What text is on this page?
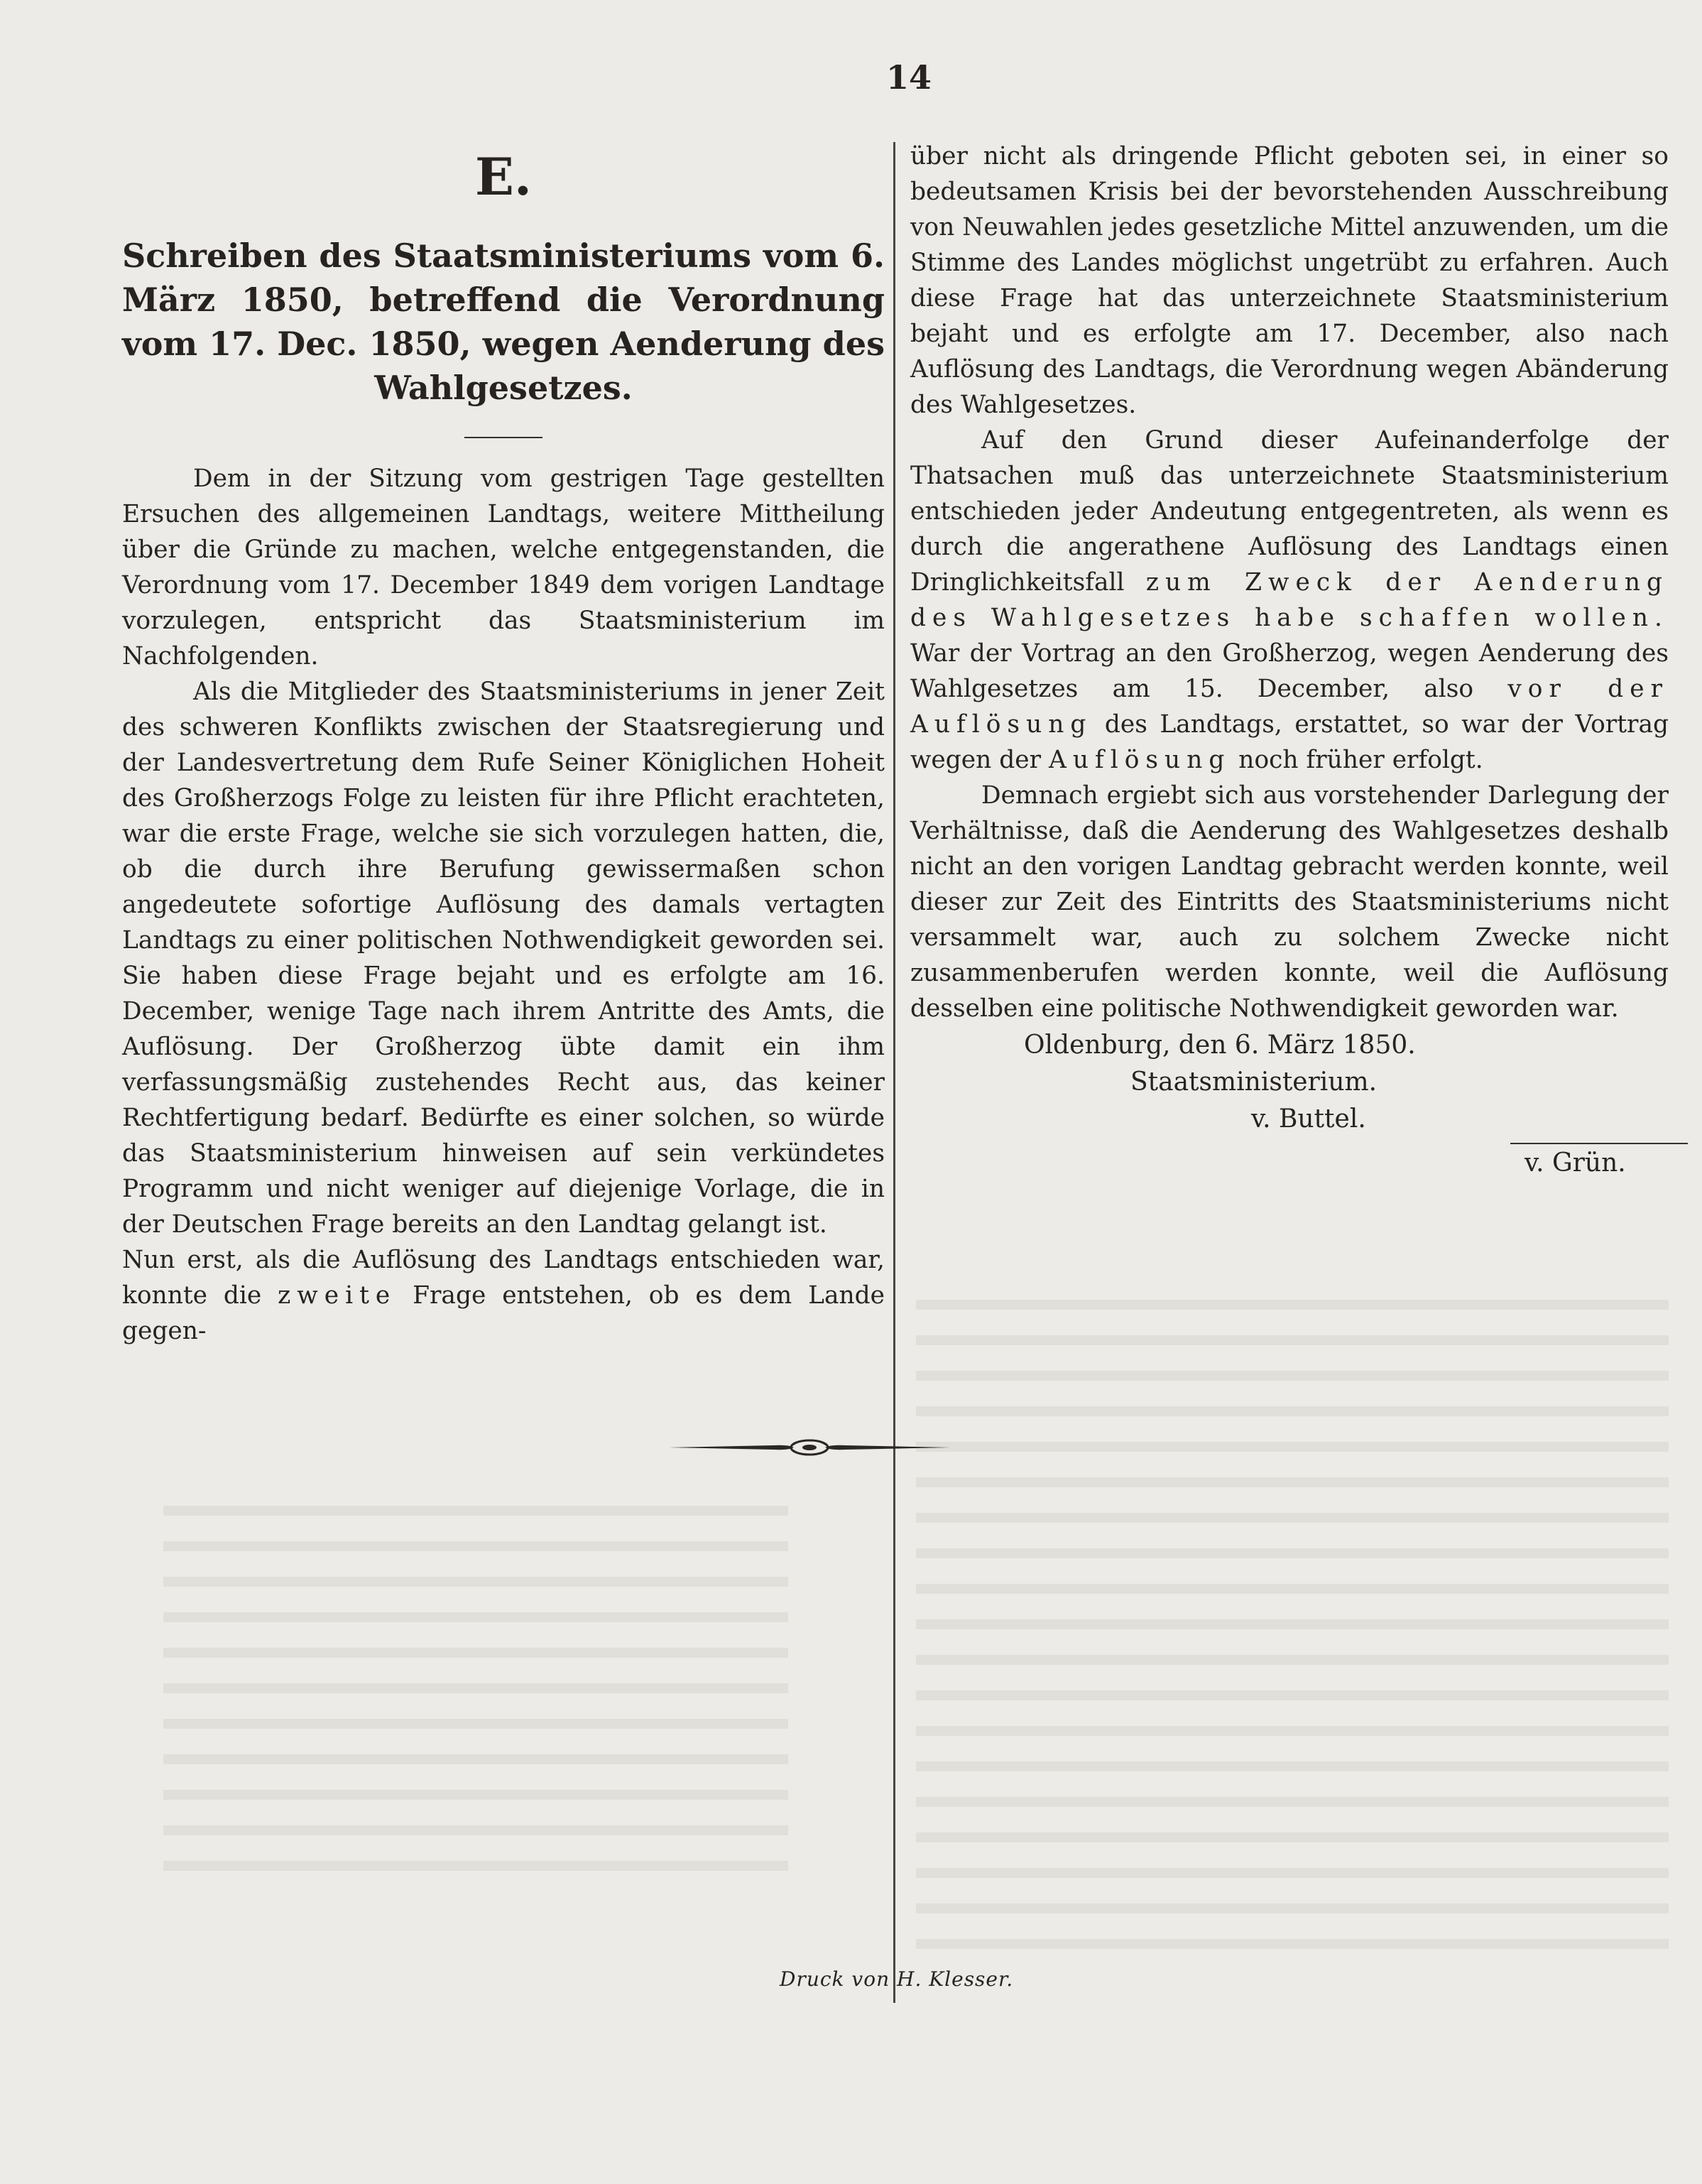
14
E.

Schreiben des Staatsministeriums vom 6. März 1850, betreffend die Verordnung vom 17. Dec. 1850, wegen Aenderung des Wahlgesetzes.

Dem in der Sitzung vom gestrigen Tage gestellten Ersuchen des allgemeinen Landtags, weitere Mittheilung über die Gründe zu machen, welche entgegenstanden, die Verordnung vom 17. December 1849 dem vorigen Landtage vorzulegen, entspricht das Staatsministerium im Nachfolgenden.

Als die Mitglieder des Staatsministeriums in jener Zeit des schweren Konflikts zwischen der Staatsregierung und der Landesvertretung dem Rufe Seiner Königlichen Hoheit des Großherzogs Folge zu leisten für ihre Pflicht erachteten, war die erste Frage, welche sie sich vorzulegen hatten, die, ob die durch ihre Berufung gewissermaßen schon angedeutete sofortige Auflösung des damals vertagten Landtags zu einer politischen Nothwendigkeit geworden sei. Sie haben diese Frage bejaht und es erfolgte am 16. December, wenige Tage nach ihrem Antritte des Amts, die Auflösung. Der Großherzog übte damit ein ihm verfassungsmäßig zustehendes Recht aus, das keiner Rechtfertigung bedarf. Bedürfte es einer solchen, so würde das Staatsministerium hinweisen auf sein verkündetes Programm und nicht weniger auf diejenige Vorlage, die in der Deutschen Frage bereits an den Landtag gelangt ist.

Nun erst, als die Auflösung des Landtags entschieden war, konnte die zweite Frage entstehen, ob es dem Lande gegen-

über nicht als dringende Pflicht geboten sei, in einer so bedeutsamen Krisis bei der bevorstehenden Ausschreibung von Neuwahlen jedes gesetzliche Mittel anzuwenden, um die Stimme des Landes möglichst ungetrübt zu erfahren. Auch diese Frage hat das unterzeichnete Staatsministerium bejaht und es erfolgte am 17. December, also nach Auflösung des Landtags, die Verordnung wegen Abänderung des Wahlgesetzes.

Auf den Grund dieser Aufeinanderfolge der Thatsachen muß das unterzeichnete Staatsministerium entschieden jeder Andeutung entgegentreten, als wenn es durch die angerathene Auflösung des Landtags einen Dringlichkeitsfall zum Zweck der Aenderung des Wahlgesetzes habe schaffen wollen. War der Vortrag an den Großherzog, wegen Aenderung des Wahlgesetzes am 15. December, also vor der Auflösung des Landtags, erstattet, so war der Vortrag wegen der Auflösung noch früher erfolgt.

Demnach ergiebt sich aus vorstehender Darlegung der Verhältnisse, daß die Aenderung des Wahlgesetzes deshalb nicht an den vorigen Landtag gebracht werden konnte, weil dieser zur Zeit des Eintritts des Staatsministeriums nicht versammelt war, auch zu solchem Zwecke nicht zusammenberufen werden konnte, weil die Auflösung desselben eine politische Nothwendigkeit geworden war.

Oldenburg, den 6. März 1850.

Staatsministerium.

v. Buttel.

v. Grün.

Druck von H. Klesser.
